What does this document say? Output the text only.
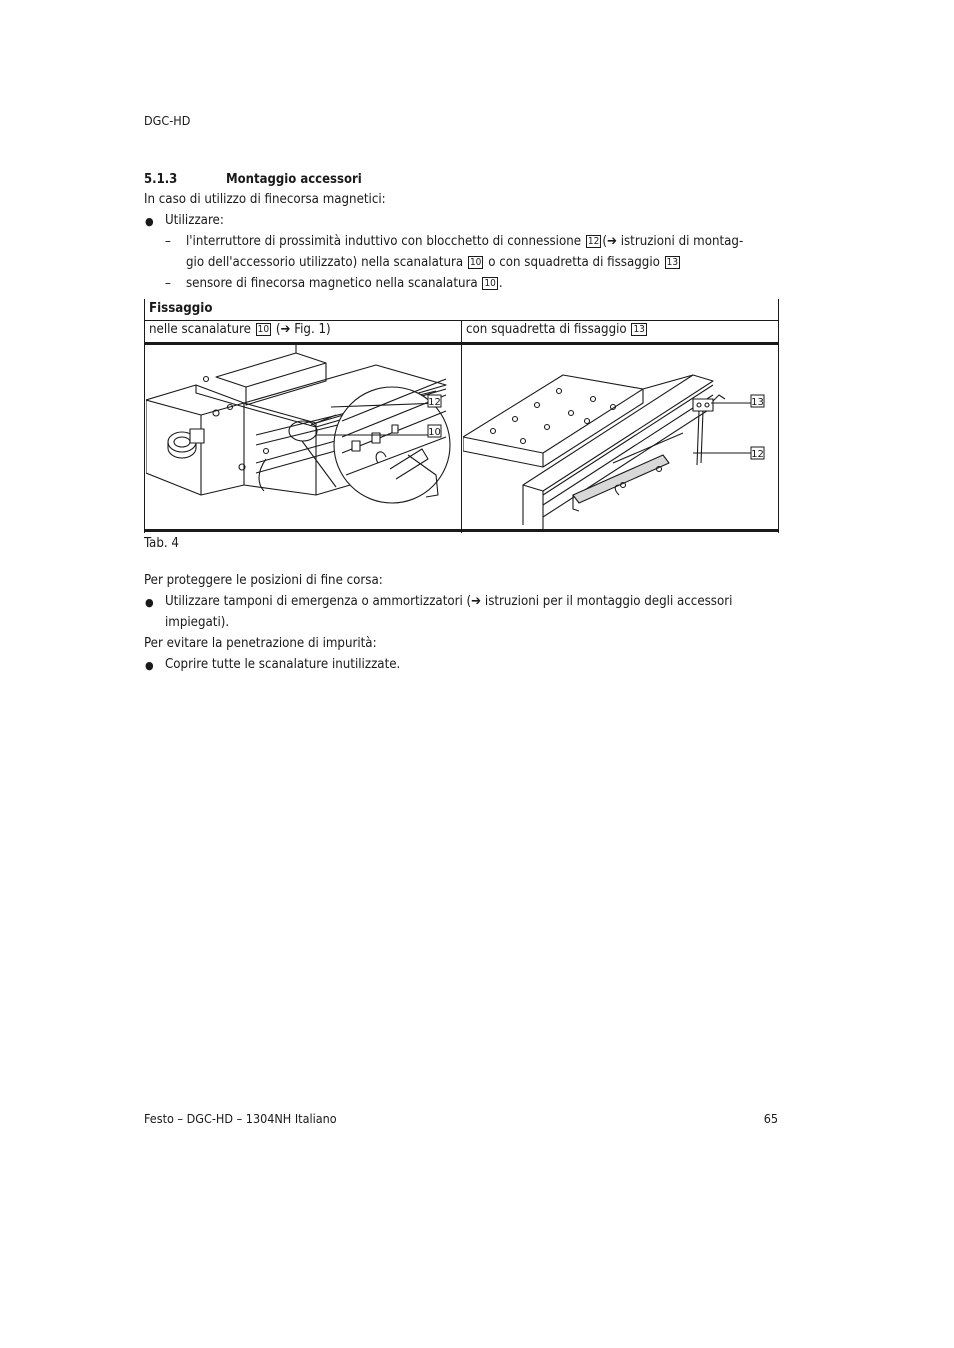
DGC-HD
5.1.3	Montaggio accessori
In caso di utilizzo di finecorsa magnetici:
● Utilizzare:
– l'interruttore di prossimità induttivo con blocchetto di connessione 12 (➔ istruzioni di montag-
gio dell'accessorio utilizzato) nella scanalatura 10 o con squadretta di fissaggio 13
– sensore di finecorsa magnetico nella scanalatura 10 .
Fissaggio
nelle scanalature 10 (➔ Fig. 1)	con squadretta di fissaggio 13
12
10
13
12
Tab. 4
Per proteggere le posizioni di fine corsa:
● Utilizzare tamponi di emergenza o ammortizzatori (➔ istruzioni per il montaggio degli accessori
impiegati).
Per evitare la penetrazione di impurità:
● Coprire tutte le scanalature inutilizzate.
Festo – DGC-HD – 1304NH Italiano	65
